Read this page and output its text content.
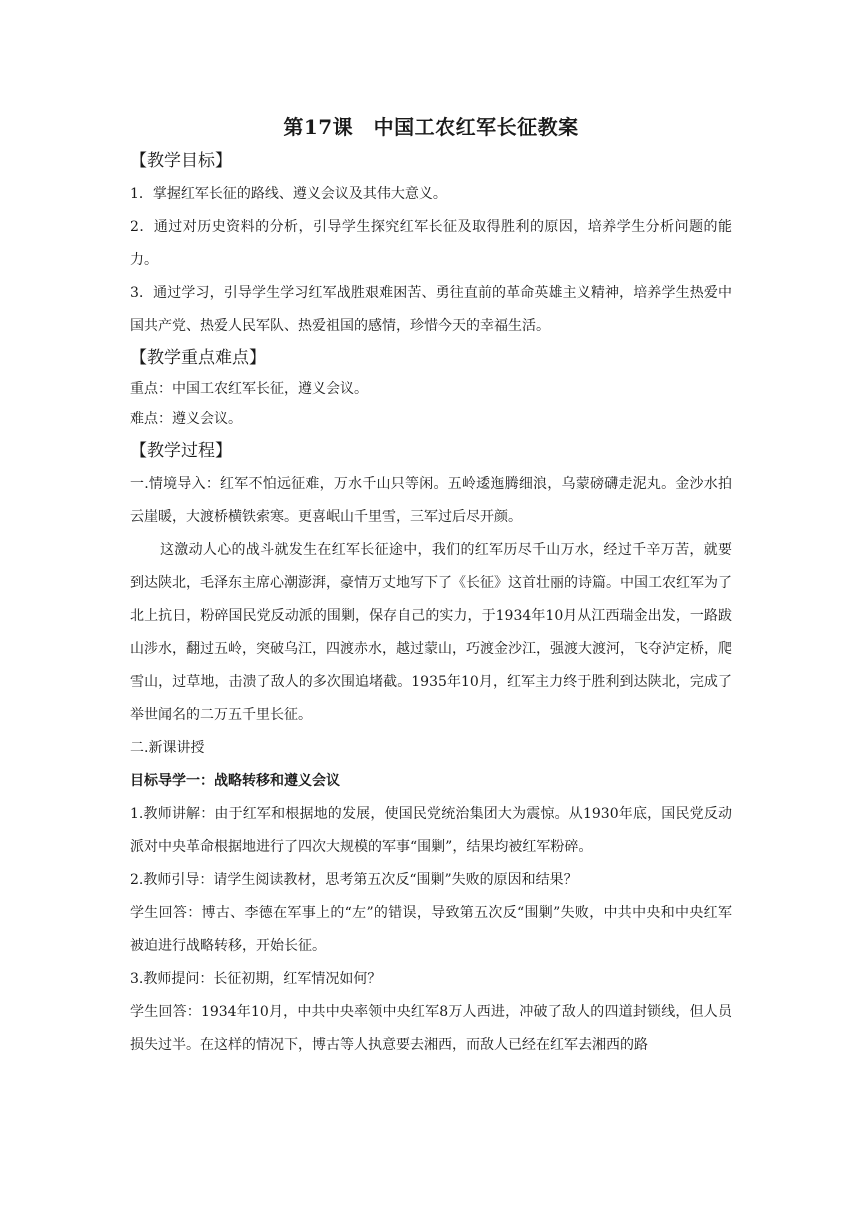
第17课　中国工农红军长征教案
【教学目标】

1．掌握红军长征的路线、遵义会议及其伟大意义。

2．通过对历史资料的分析，引导学生探究红军长征及取得胜利的原因，培养学生分析问题的能力。

3．通过学习，引导学生学习红军战胜艰难困苦、勇往直前的革命英雄主义精神，培养学生热爱中国共产党、热爱人民军队、热爱祖国的感情，珍惜今天的幸福生活。

【教学重点难点】

重点：中国工农红军长征，遵义会议。

难点：遵义会议。

【教学过程】

一.情境导入：红军不怕远征难，万水千山只等闲。五岭逶迤腾细浪，乌蒙磅礴走泥丸。金沙水拍云崖暖，大渡桥横铁索寒。更喜岷山千里雪，三军过后尽开颜。

这激动人心的战斗就发生在红军长征途中，我们的红军历尽千山万水，经过千辛万苦，就要到达陕北，毛泽东主席心潮澎湃，豪情万丈地写下了《长征》这首壮丽的诗篇。中国工农红军为了北上抗日，粉碎国民党反动派的围剿，保存自己的实力，于1934年10月从江西瑞金出发，一路跋山涉水，翻过五岭，突破乌江，四渡赤水，越过蒙山，巧渡金沙江，强渡大渡河，飞夺泸定桥，爬雪山，过草地，击溃了敌人的多次围追堵截。1935年10月，红军主力终于胜利到达陕北，完成了举世闻名的二万五千里长征。

二.新课讲授

目标导学一：战略转移和遵义会议

1.教师讲解：由于红军和根据地的发展，使国民党统治集团大为震惊。从1930年底，国民党反动派对中央革命根据地进行了四次大规模的军事“围剿”，结果均被红军粉碎。

2.教师引导：请学生阅读教材，思考第五次反“围剿”失败的原因和结果？

学生回答：博古、李德在军事上的“左”的错误，导致第五次反“围剿”失败，中共中央和中央红军被迫进行战略转移，开始长征。

3.教师提问：长征初期，红军情况如何？

学生回答：1934年10月，中共中央率领中央红军8万人西进，冲破了敌人的四道封锁线，但人员损失过半。在这样的情况下，博古等人执意要去湘西，而敌人已经在红军去湘西的路
